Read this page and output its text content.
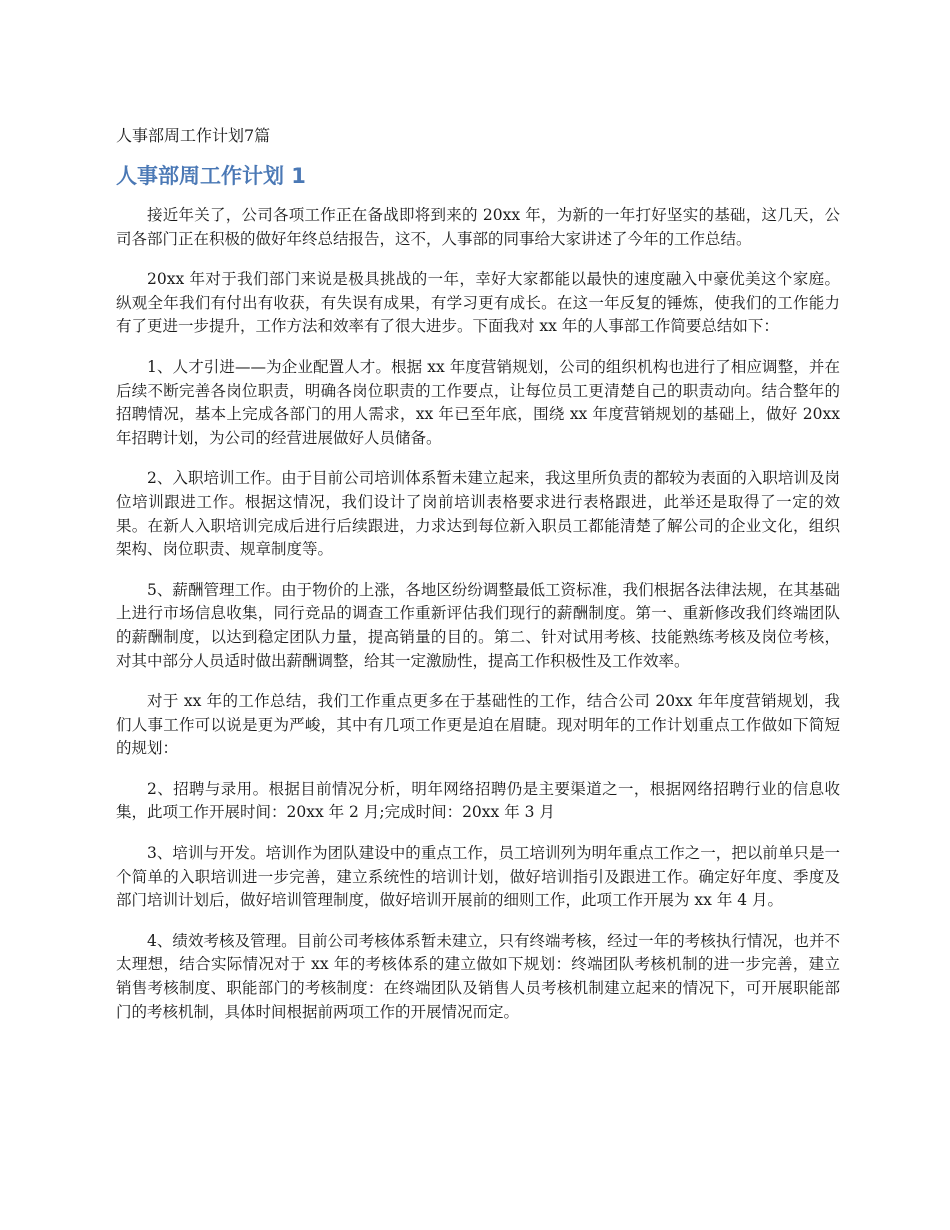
人事部周工作计划7篇
人事部周工作计划 1

接近年关了，公司各项工作正在备战即将到来的 20xx 年，为新的一年打好坚实的基础，这几天，公司各部门正在积极的做好年终总结报告，这不，人事部的同事给大家讲述了今年的工作总结。

20xx 年对于我们部门来说是极具挑战的一年，幸好大家都能以最快的速度融入中豪优美这个家庭。纵观全年我们有付出有收获，有失误有成果，有学习更有成长。在这一年反复的锤炼，使我们的工作能力有了更进一步提升，工作方法和效率有了很大进步。下面我对 xx 年的人事部工作简要总结如下：

1、人才引进——为企业配置人才。根据 xx 年度营销规划，公司的组织机构也进行了相应调整，并在后续不断完善各岗位职责，明确各岗位职责的工作要点，让每位员工更清楚自己的职责动向。结合整年的招聘情况，基本上完成各部门的用人需求，xx 年已至年底，围绕 xx 年度营销规划的基础上，做好 20xx 年招聘计划，为公司的经营进展做好人员储备。

2、入职培训工作。由于目前公司培训体系暂未建立起来，我这里所负责的都较为表面的入职培训及岗位培训跟进工作。根据这情况，我们设计了岗前培训表格要求进行表格跟进，此举还是取得了一定的效果。在新人入职培训完成后进行后续跟进，力求达到每位新入职员工都能清楚了解公司的企业文化，组织架构、岗位职责、规章制度等。

5、薪酬管理工作。由于物价的上涨，各地区纷纷调整最低工资标准，我们根据各法律法规，在其基础上进行市场信息收集，同行竞品的调查工作重新评估我们现行的薪酬制度。第一、重新修改我们终端团队的薪酬制度，以达到稳定团队力量，提高销量的目的。第二、针对试用考核、技能熟练考核及岗位考核，对其中部分人员适时做出薪酬调整，给其一定激励性，提高工作积极性及工作效率。

对于 xx 年的工作总结，我们工作重点更多在于基础性的工作，结合公司 20xx 年年度营销规划，我们人事工作可以说是更为严峻，其中有几项工作更是迫在眉睫。现对明年的工作计划重点工作做如下简短的规划：

2、招聘与录用。根据目前情况分析，明年网络招聘仍是主要渠道之一，根据网络招聘行业的信息收集，此项工作开展时间：20xx 年 2 月;完成时间：20xx 年 3 月

3、培训与开发。培训作为团队建设中的重点工作，员工培训列为明年重点工作之一，把以前单只是一个简单的入职培训进一步完善，建立系统性的培训计划，做好培训指引及跟进工作。确定好年度、季度及部门培训计划后，做好培训管理制度，做好培训开展前的细则工作，此项工作开展为 xx 年 4 月。

4、绩效考核及管理。目前公司考核体系暂未建立，只有终端考核，经过一年的考核执行情况，也并不太理想，结合实际情况对于 xx 年的考核体系的建立做如下规划：终端团队考核机制的进一步完善，建立销售考核制度、职能部门的考核制度：在终端团队及销售人员考核机制建立起来的情况下，可开展职能部门的考核机制，具体时间根据前两项工作的开展情况而定。
